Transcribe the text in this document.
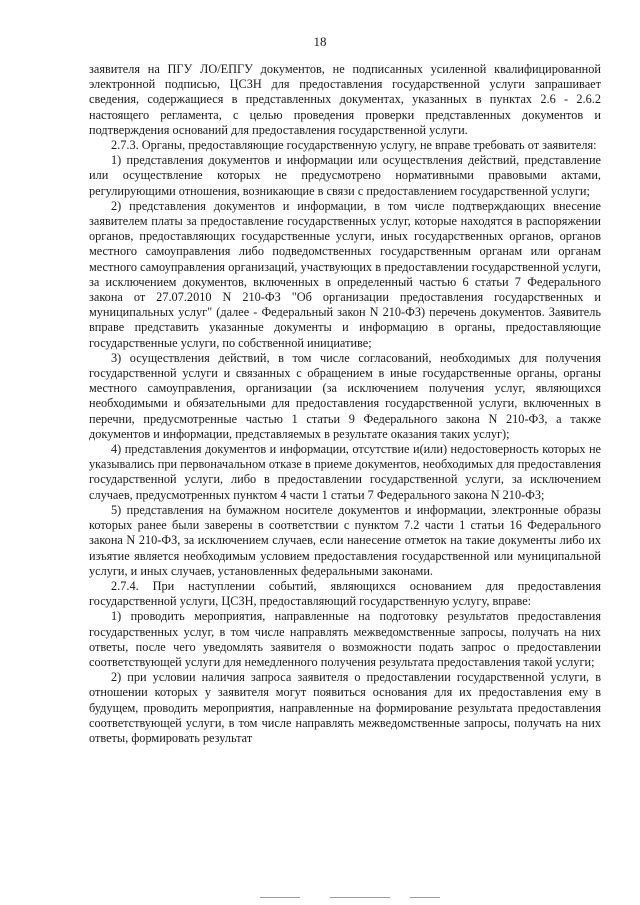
18

заявителя на ПГУ ЛО/ЕПГУ документов, не подписанных усиленной квалифицированной электронной подписью, ЦСЗН для предоставления государственной услуги запрашивает сведения, содержащиеся в представленных документах, указанных в пунктах 2.6 - 2.6.2 настоящего регламента, с целью проведения проверки представленных документов и подтверждения оснований для предоставления государственной услуги.

2.7.3. Органы, предоставляющие государственную услугу, не вправе требовать от заявителя:

1) представления документов и информации или осуществления действий, представление или осуществление которых не предусмотрено нормативными правовыми актами, регулирующими отношения, возникающие в связи с предоставлением государственной услуги;

2) представления документов и информации, в том числе подтверждающих внесение заявителем платы за предоставление государственных услуг, которые находятся в распоряжении органов, предоставляющих государственные услуги, иных государственных органов, органов местного самоуправления либо подведомственных государственным органам или органам местного самоуправления организаций, участвующих в предоставлении государственной услуги, за исключением документов, включенных в определенный частью 6 статьи 7 Федерального закона от 27.07.2010 N 210-ФЗ "Об организации предоставления государственных и муниципальных услуг" (далее - Федеральный закон N 210-ФЗ) перечень документов. Заявитель вправе представить указанные документы и информацию в органы, предоставляющие государственные услуги, по собственной инициативе;

3) осуществления действий, в том числе согласований, необходимых для получения государственной услуги и связанных с обращением в иные государственные органы, органы местного самоуправления, организации (за исключением получения услуг, являющихся необходимыми и обязательными для предоставления государственной услуги, включенных в перечни, предусмотренные частью 1 статьи 9 Федерального закона N 210-ФЗ, а также документов и информации, представляемых в результате оказания таких услуг);

4) представления документов и информации, отсутствие и(или) недостоверность которых не указывались при первоначальном отказе в приеме документов, необходимых для предоставления государственной услуги, либо в предоставлении государственной услуги, за исключением случаев, предусмотренных пунктом 4 части 1 статьи 7 Федерального закона N 210-ФЗ;

5) представления на бумажном носителе документов и информации, электронные образы которых ранее были заверены в соответствии с пунктом 7.2 части 1 статьи 16 Федерального закона N 210-ФЗ, за исключением случаев, если нанесение отметок на такие документы либо их изъятие является необходимым условием предоставления государственной или муниципальной услуги, и иных случаев, установленных федеральными законами.

2.7.4. При наступлении событий, являющихся основанием для предоставления государственной услуги, ЦСЗН, предоставляющий государственную услугу, вправе:

1) проводить мероприятия, направленные на подготовку результатов предоставления государственных услуг, в том числе направлять межведомственные запросы, получать на них ответы, после чего уведомлять заявителя о возможности подать запрос о предоставлении соответствующей услуги для немедленного получения результата предоставления такой услуги;

2) при условии наличия запроса заявителя о предоставлении государственной услуги, в отношении которых у заявителя могут появиться основания для их предоставления ему в будущем, проводить мероприятия, направленные на формирование результата предоставления соответствующей услуги, в том числе направлять межведомственные запросы, получать на них ответы, формировать результат
